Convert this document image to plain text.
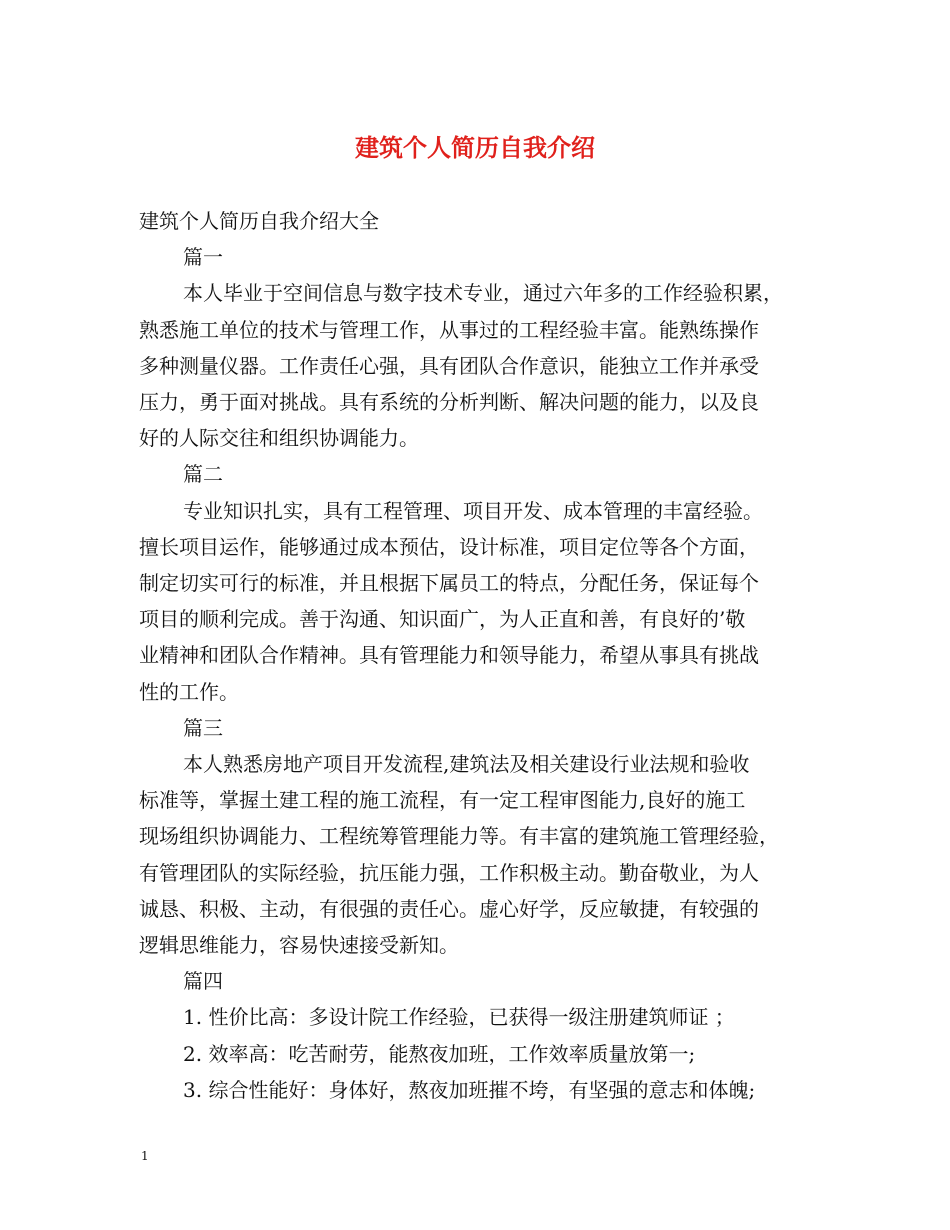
建筑个人简历自我介绍

建筑个人简历自我介绍大全

篇一

本人毕业于空间信息与数字技术专业，通过六年多的工作经验积累，

熟悉施工单位的技术与管理工作，从事过的工程经验丰富。能熟练操作

多种测量仪器。工作责任心强，具有团队合作意识，能独立工作并承受

压力，勇于面对挑战。具有系统的分析判断、解决问题的能力，以及良

好的人际交往和组织协调能力。

篇二

专业知识扎实，具有工程管理、项目开发、成本管理的丰富经验。

擅长项目运作，能够通过成本预估，设计标准，项目定位等各个方面，

制定切实可行的标准，并且根据下属员工的特点，分配任务，保证每个

项目的顺利完成。善于沟通、知识面广，为人正直和善，有良好的’敬

业精神和团队合作精神。具有管理能力和领导能力，希望从事具有挑战

性的工作。

篇三

本人熟悉房地产项目开发流程,建筑法及相关建设行业法规和验收

标准等，掌握土建工程的施工流程，有一定工程审图能力,良好的施工

现场组织协调能力、工程统筹管理能力等。有丰富的建筑施工管理经验，

有管理团队的实际经验，抗压能力强，工作积极主动。勤奋敬业，为人

诚恳、积极、主动，有很强的责任心。虚心好学，反应敏捷，有较强的

逻辑思维能力，容易快速接受新知。

篇四

1. 性价比高：多设计院工作经验，已获得一级注册建筑师证 ；

2. 效率高：吃苦耐劳，能熬夜加班，工作效率质量放第一;

3. 综合性能好：身体好，熬夜加班摧不垮，有坚强的意志和体魄;

1
